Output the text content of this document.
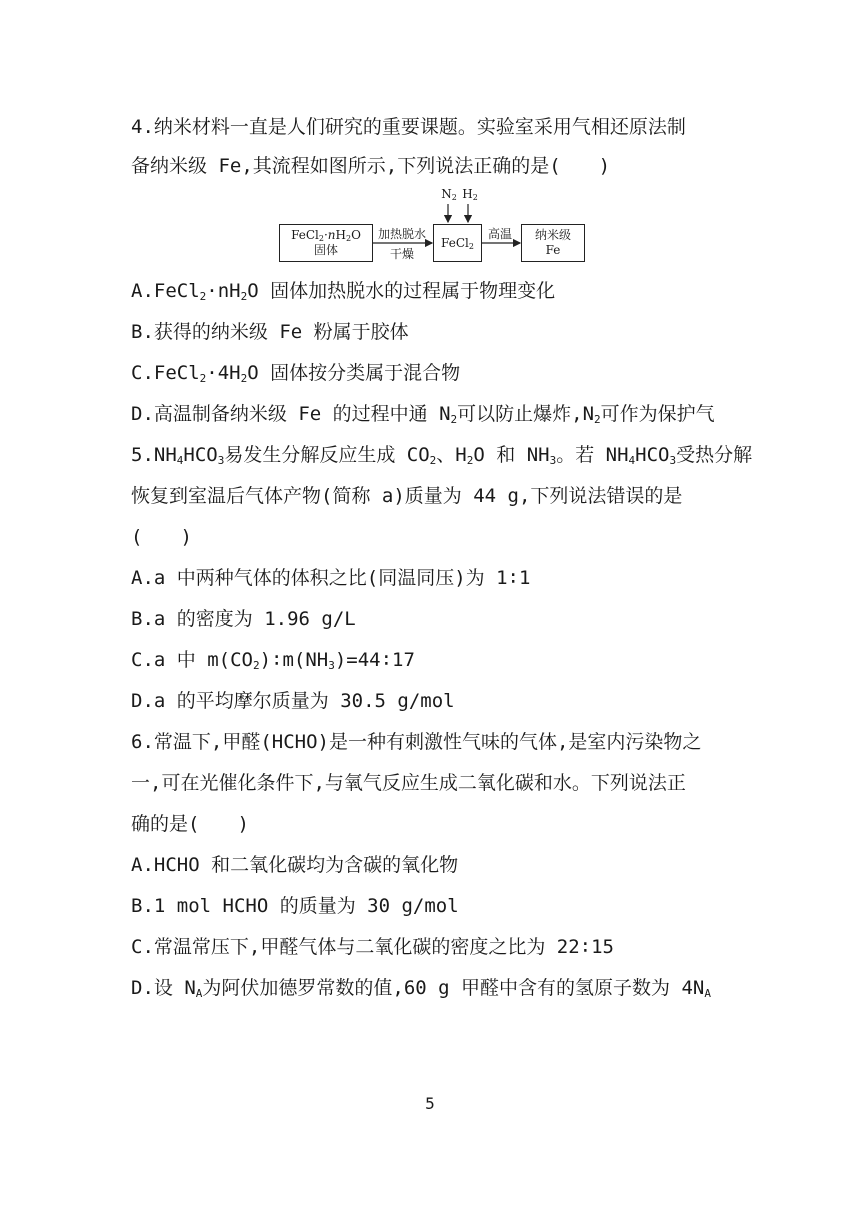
4.纳米材料一直是人们研究的重要课题。实验室采用气相还原法制
备纳米级 Fe,其流程如图所示,下列说法正确的是(　　)
$FeCl_2\cdot nH_2O$
固体
加热脱水
干燥
FeCl$_2$
$N_2$ $H_2$
高温	纳米级
Fe
$A.FeCl_2\cdot nH_2O$ 固体加热脱水的过程属于物理变化
B.获得的纳米级 Fe 粉属于胶体
$C.FeCl_2\cdot 4H_2O$ 固体按分类属于混合物
D.高温制备纳米级 Fe 的过程中通 $N_2$可以防止爆炸$,N_2$可作为保护气
$5.NH_4HCO_3$易发生分解反应生成 $CO_2$、$H_2O$ 和 $NH_3$。若 $NH_4HCO_3$受热分解
恢复到室温后气体产物(简称 a)质量为 44 g,下列说法错误的是
(　　)
A.a 中两种气体的体积之比(同温同压)为 1∶1
B.a 的密度为 1.96 g/L
C.a 中 $m(CO_2)∶m(NH_3)=44∶17$
D.a 的平均摩尔质量为 30.5 g/mol
6.常温下,甲醛(HCHO)是一种有刺激性气味的气体,是室内污染物之
一,可在光催化条件下,与氧气反应生成二氧化碳和水。下列说法正
确的是(　　)
A.HCHO 和二氧化碳均为含碳的氧化物
B.1 mol HCHO 的质量为 30 g/mol
C.常温常压下,甲醛气体与二氧化碳的密度之比为 22∶15
D.设 $N_A$为阿伏加德罗常数的值,60 g 甲醛中含有的氢原子数为 $4N_A$
5
